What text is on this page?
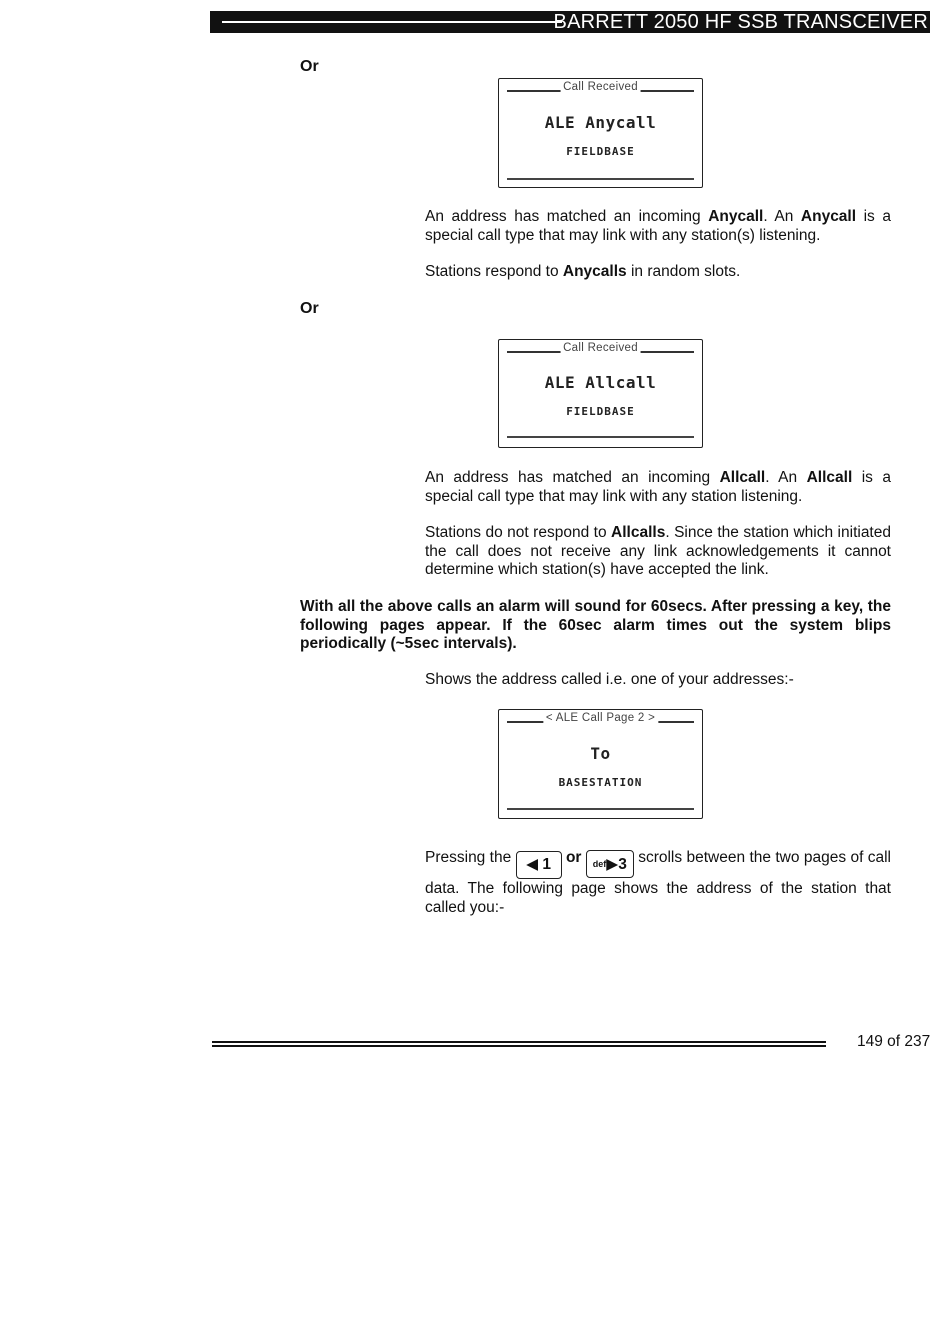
BARRETT 2050 HF SSB TRANSCEIVER
Or
Call Received
ALE Anycall
FIELDBASE

An address has matched an incoming Anycall. An Anycall is a special call type that may link with any station(s) listening.

Stations respond to Anycalls in random slots.

Or
Call Received
ALE Allcall
FIELDBASE

An address has matched an incoming Allcall. An Allcall is a special call type that may link with any station listening.

Stations do not respond to Allcalls. Since the station which initiated the call does not receive any link acknowledgements it cannot determine which station(s) have accepted the link.

With all the above calls an alarm will sound for 60secs. After pressing a key, the following pages appear. If the 60sec alarm times out the system blips periodically (~5sec intervals).

Shows the address called i.e. one of your addresses:-

< ALE Call Page 2 >
To
BASESTATION

Pressing the ◀ 1 or def▶3 scrolls between the two pages of call data. The following page shows the address of the station that called you:-

149 of 237
